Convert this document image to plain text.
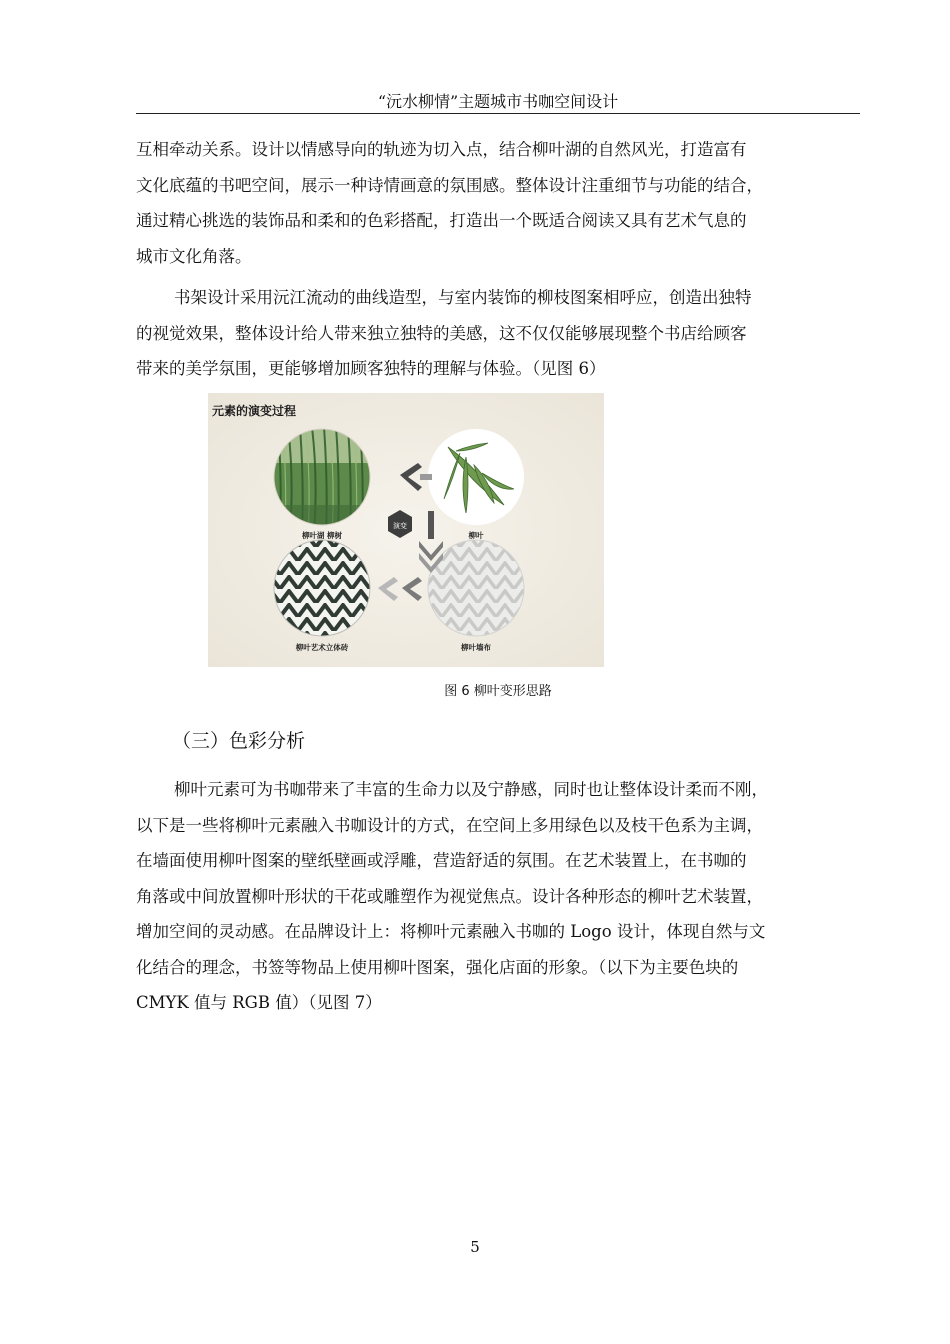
“沅水柳情”主题城市书咖空间设计

互相牵动关系。设计以情感导向的轨迹为切入点，结合柳叶湖的自然风光，打造富有
文化底蕴的书吧空间，展示一种诗情画意的氛围感。整体设计注重细节与功能的结合，
通过精心挑选的装饰品和柔和的色彩搭配，打造出一个既适合阅读又具有艺术气息的
城市文化角落。

书架设计采用沅江流动的曲线造型，与室内装饰的柳枝图案相呼应，创造出独特
的视觉效果，整体设计给人带来独立独特的美感，这不仅仅能够展现整个书店给顾客
带来的美学氛围，更能够增加顾客独特的理解与体验。（见图 6）

元素的演变过程
演变
柳叶湖 柳树	柳叶
柳叶艺术立体砖	柳叶墙布
图 6 柳叶变形思路
（三）色彩分析

柳叶元素可为书咖带来了丰富的生命力以及宁静感，同时也让整体设计柔而不刚，
以下是一些将柳叶元素融入书咖设计的方式，在空间上多用绿色以及枝干色系为主调，
在墙面使用柳叶图案的壁纸壁画或浮雕，营造舒适的氛围。在艺术装置上，在书咖的
角落或中间放置柳叶形状的干花或雕塑作为视觉焦点。设计各种形态的柳叶艺术装置，
增加空间的灵动感。在品牌设计上：将柳叶元素融入书咖的 Logo 设计，体现自然与文
化结合的理念，书签等物品上使用柳叶图案，强化店面的形象。（以下为主要色块的
CMYK 值与 RGB 值）（见图 7）

5
